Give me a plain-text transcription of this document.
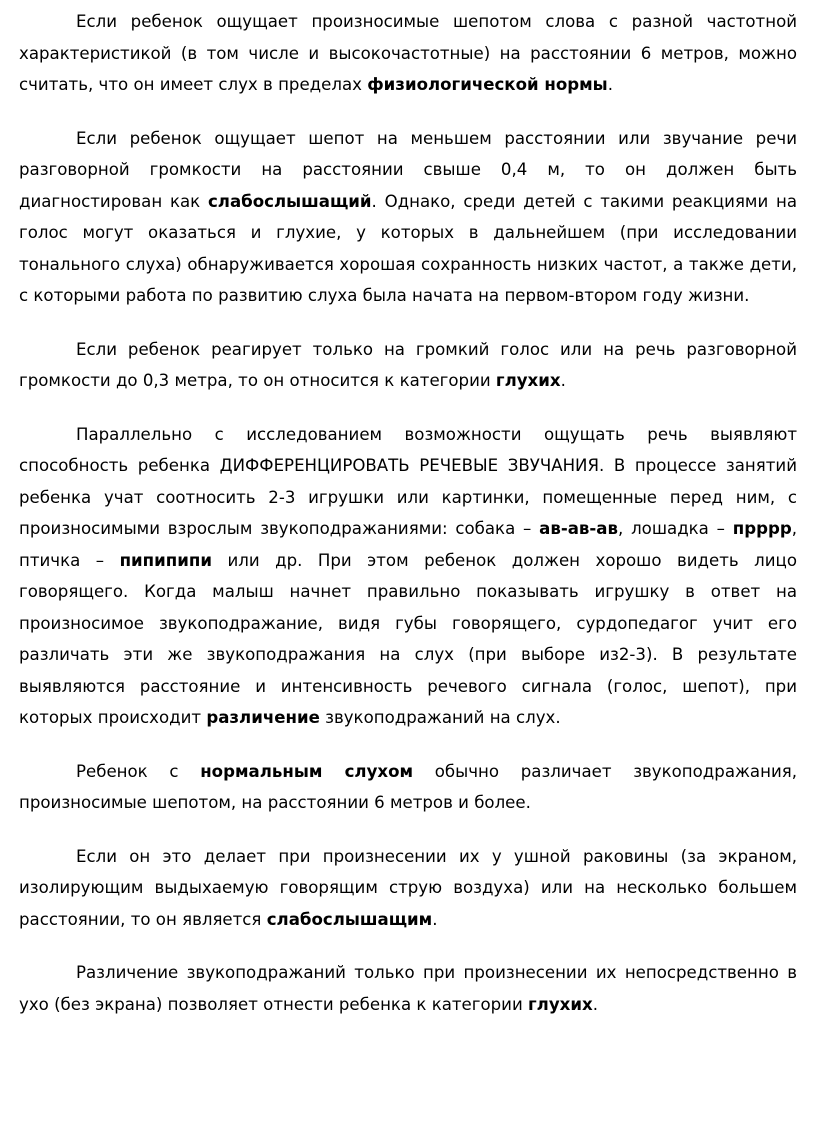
Если ребенок ощущает произносимые шепотом слова с разной частотной характеристикой (в том числе и высокочастотные) на расстоянии 6 метров, можно считать, что он имеет слух в пределах физиологической нормы.

Если ребенок ощущает шепот на меньшем расстоянии или звучание речи разговорной громкости на расстоянии свыше 0,4 м, то он должен быть диагностирован как слабослышащий. Однако, среди детей с такими реакциями на голос могут оказаться и глухие, у которых в дальнейшем (при исследовании тонального слуха) обнаруживается хорошая сохранность низких частот, а также дети, с которыми работа по развитию слуха была начата на первом-втором году жизни.

Если ребенок реагирует только на громкий голос или на речь разговорной громкости до 0,3 метра, то он относится к категории глухих.

Параллельно с исследованием возможности ощущать речь выявляют способность ребенка ДИФФЕРЕНЦИРОВАТЬ РЕЧЕВЫЕ ЗВУЧАНИЯ. В процессе занятий ребенка учат соотносить 2-3 игрушки или картинки, помещенные перед ним, с произносимыми взрослым звукоподражаниями: собака – ав-ав-ав, лошадка – пррpр, птичка – пипипипи или др. При этом ребенок должен хорошо видеть лицо говорящего. Когда малыш начнет правильно показывать игрушку в ответ на произносимое звукоподражание, видя губы говорящего, сурдопедагог учит его различать эти же звукоподражания на слух (при выборе из2-3). В результате выявляются расстояние и интенсивность речевого сигнала (голос, шепот), при которых происходит различение звукоподражаний на слух.

Ребенок с нормальным слухом обычно различает звукоподражания, произносимые шепотом, на расстоянии 6 метров и более.

Если он это делает при произнесении их у ушной раковины (за экраном, изолирующим выдыхаемую говорящим струю воздуха) или на несколько большем расстоянии, то он является слабослышащим.

Различение звукоподражаний только при произнесении их непосредственно в ухо (без экрана) позволяет отнести ребенка к категории глухих.
